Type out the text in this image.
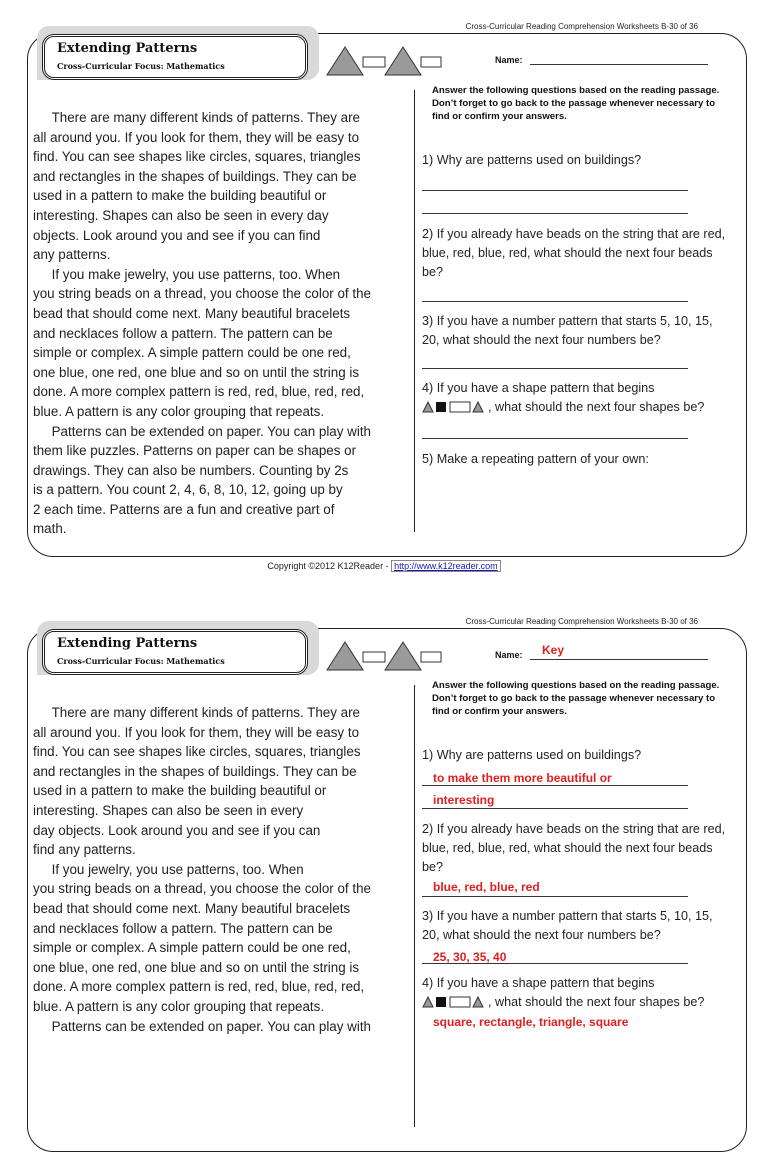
Cross-Curricular Reading Comprehension Worksheets B-30 of 36
Extending Patterns
Cross-Curricular Focus: Mathematics
Name:

There are many different kinds of patterns. They are
all around you. If you look for them, they will be easy to
find. You can see shapes like circles, squares, triangles
and rectangles in the shapes of buildings. They can be
used in a pattern to make the building beautiful or
interesting. Shapes can also be seen in every day
objects. Look around you and see if you can find
any patterns.
If you make jewelry, you use patterns, too. When
you string beads on a thread, you choose the color of the
bead that should come next. Many beautiful bracelets
and necklaces follow a pattern. The pattern can be
simple or complex. A simple pattern could be one red,
one blue, one red, one blue and so on until the string is
done. A more complex pattern is red, red, blue, red, red,
blue. A pattern is any color grouping that repeats.
Patterns can be extended on paper. You can play with
them like puzzles. Patterns on paper can be shapes or
drawings. They can also be numbers. Counting by 2s
is a pattern. You count 2, 4, 6, 8, 10, 12, going up by
2 each time. Patterns are a fun and creative part of
math.

Answer the following questions based on the reading passage. Don’t forget to go back to the passage whenever necessary to find or confirm your answers.
1) Why are patterns used on buildings?
2) If you already have beads on the string that are red, blue, red, blue, red, what should the next four beads be?
3) If you have a number pattern that starts 5, 10, 15, 20, what should the next four numbers be?
4) If you have a shape pattern that begins
, what should the next four shapes be?
5) Make a repeating pattern of your own:
Copyright ©2012 K12Reader - http://www.k12reader.com
Cross-Curricular Reading Comprehension Worksheets B-30 of 36
Extending Patterns
Cross-Curricular Focus: Mathematics
Name: Key

There are many different kinds of patterns. They are
all around you. If you look for them, they will be easy to
find. You can see shapes like circles, squares, triangles
and rectangles in the shapes of buildings. They can be
used in a pattern to make the building beautiful or
interesting. Shapes can also be seen in every
day objects. Look around you and see if you can
find any patterns.
If you jewelry, you use patterns, too. When
you string beads on a thread, you choose the color of the
bead that should come next. Many beautiful bracelets
and necklaces follow a pattern. The pattern can be
simple or complex. A simple pattern could be one red,
one blue, one red, one blue and so on until the string is
done. A more complex pattern is red, red, blue, red, red,
blue. A pattern is any color grouping that repeats.
Patterns can be extended on paper. You can play with

Answer the following questions based on the reading passage. Don’t forget to go back to the passage whenever necessary to find or confirm your answers.
1) Why are patterns used on buildings?
to make them more beautiful or
interesting
2) If you already have beads on the string that are red, blue, red, blue, red, what should the next four beads be?
blue, red, blue, red
3) If you have a number pattern that starts 5, 10, 15, 20, what should the next four numbers be?
25, 30, 35, 40
4) If you have a shape pattern that begins
, what should the next four shapes be?
square, rectangle, triangle, square
